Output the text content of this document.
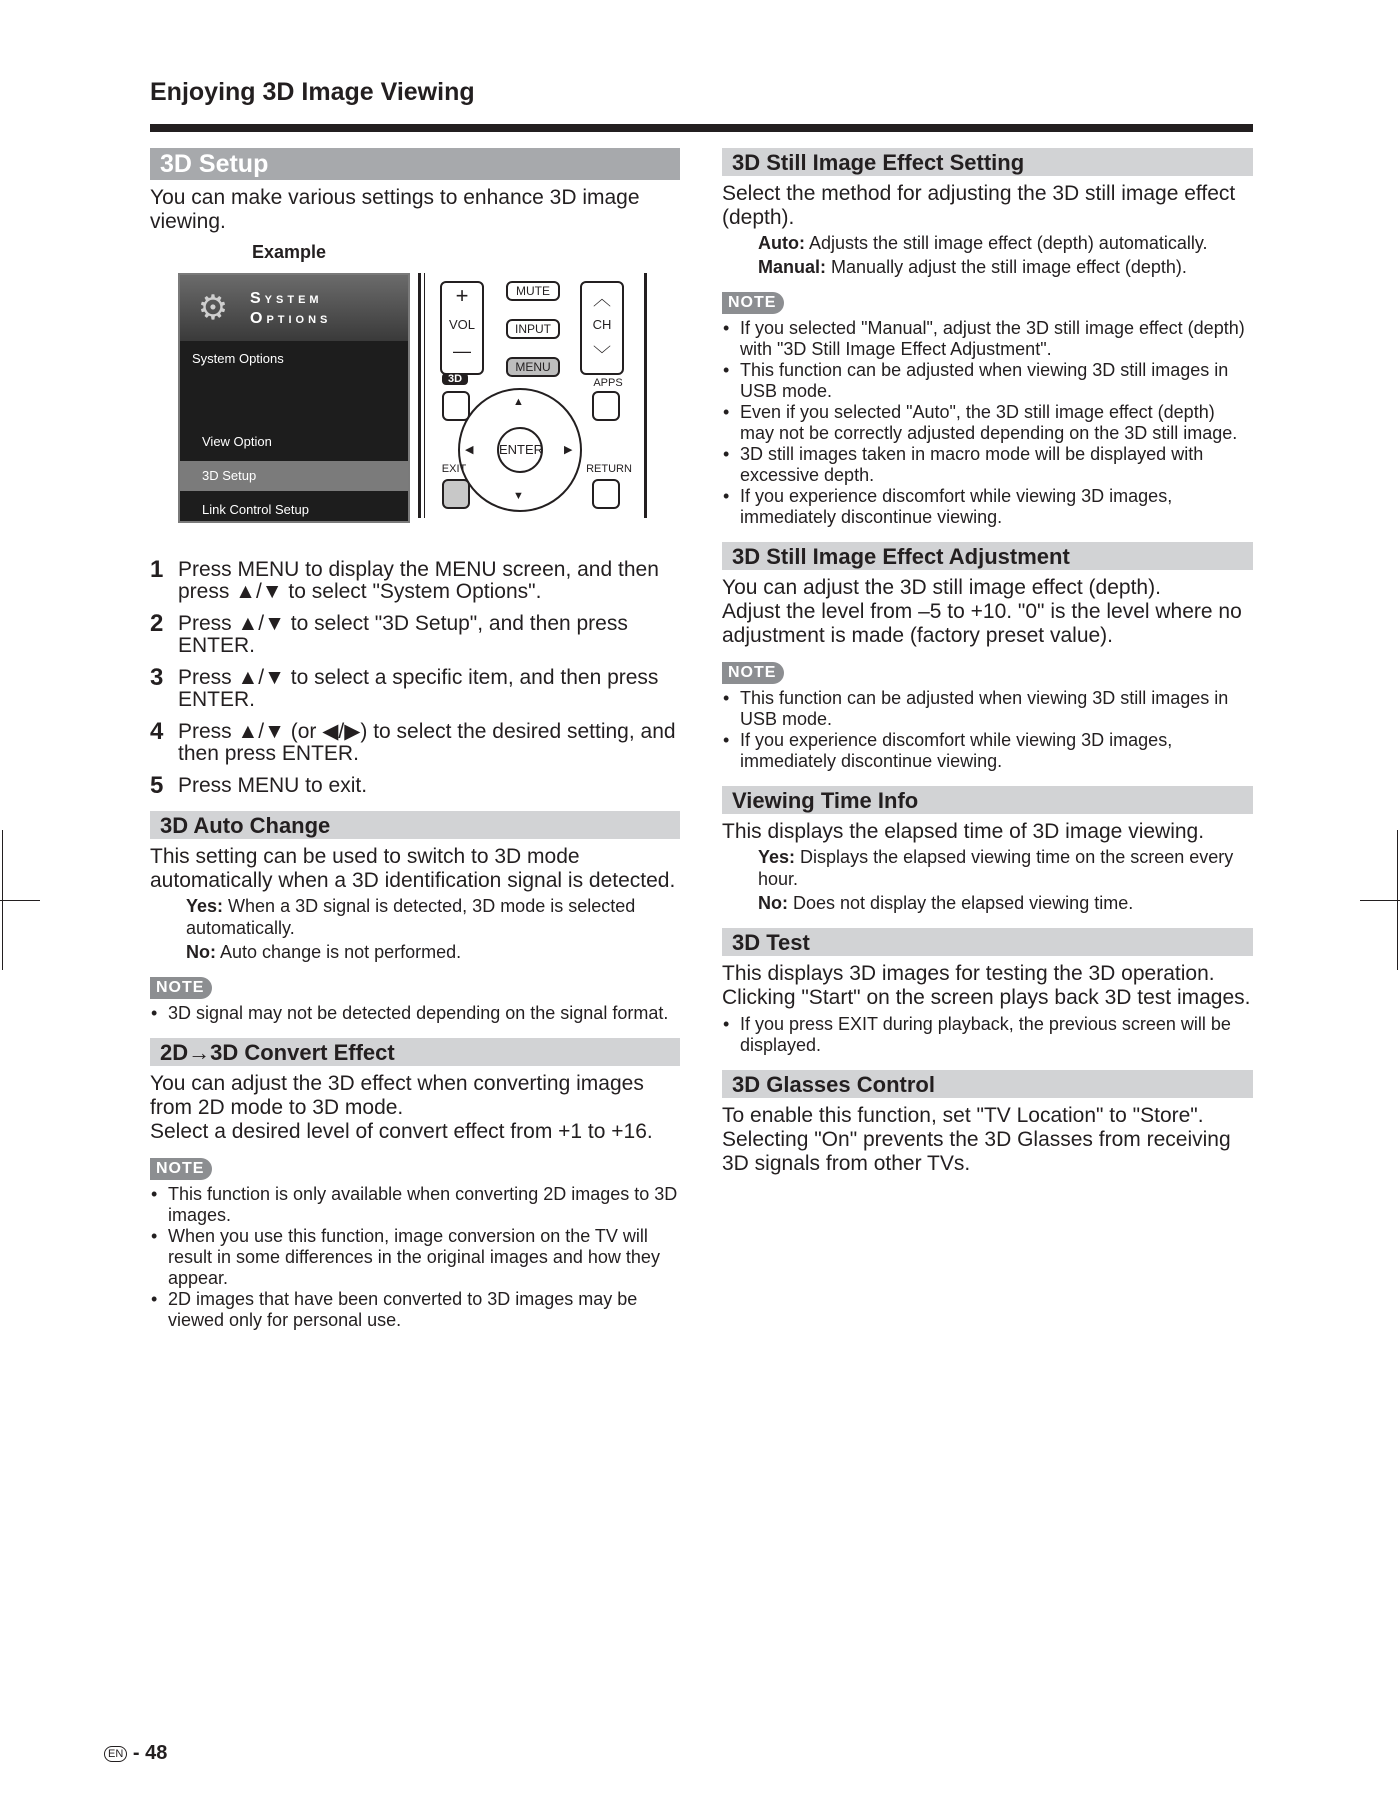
Enjoying 3D Image Viewing
3D Setup

You can make various settings to enhance 3D image viewing.

Example
⚙ System
Options
System Options
View Option
3D Setup
Link Control Setup
+
VOL
—
MUTE
INPUT
MENU
︿
CH
﹀
3D	APPS
▲
▼
◀	▶
ENTER
EXIT	RETURN
1 Press MENU to display the MENU screen, and then press ▲/▼ to select "System Options".
2 Press ▲/▼ to select "3D Setup", and then press ENTER.
3 Press ▲/▼ to select a specific item, and then press ENTER.
4 Press ▲/▼ (or ◀/▶) to select the desired setting, and then press ENTER.
5 Press MENU to exit.
3D Auto Change

This setting can be used to switch to 3D mode automatically when a 3D identification signal is detected.

Yes: When a 3D signal is detected, 3D mode is selected automatically.
No: Auto change is not performed.
NOTE
• 3D signal may not be detected depending on the signal format.
2D→3D Convert Effect

You can adjust the 3D effect when converting images from 2D mode to 3D mode.

Select a desired level of convert effect from +1 to +16.

NOTE
• This function is only available when converting 2D images to 3D images.
• When you use this function, image conversion on the TV will result in some differences in the original images and how they appear.
• 2D images that have been converted to 3D images may be viewed only for personal use.
3D Still Image Effect Setting

Select the method for adjusting the 3D still image effect (depth).

Auto: Adjusts the still image effect (depth) automatically.
Manual: Manually adjust the still image effect (depth).
NOTE
• If you selected "Manual", adjust the 3D still image effect (depth) with "3D Still Image Effect Adjustment".
• This function can be adjusted when viewing 3D still images in USB mode.
• Even if you selected "Auto", the 3D still image effect (depth) may not be correctly adjusted depending on the 3D still image.
• 3D still images taken in macro mode will be displayed with excessive depth.
• If you experience discomfort while viewing 3D images, immediately discontinue viewing.
3D Still Image Effect Adjustment

You can adjust the 3D still image effect (depth).

Adjust the level from –5 to +10. "0" is the level where no adjustment is made (factory preset value).

NOTE
• This function can be adjusted when viewing 3D still images in USB mode.
• If you experience discomfort while viewing 3D images, immediately discontinue viewing.
Viewing Time Info

This displays the elapsed time of 3D image viewing.

Yes: Displays the elapsed viewing time on the screen every hour.
No: Does not display the elapsed viewing time.
3D Test

This displays 3D images for testing the 3D operation. Clicking "Start" on the screen plays back 3D test images.

• If you press EXIT during playback, the previous screen will be displayed.
3D Glasses Control

To enable this function, set "TV Location" to "Store". Selecting "On" prevents the 3D Glasses from receiving 3D signals from other TVs.

EN - 48
